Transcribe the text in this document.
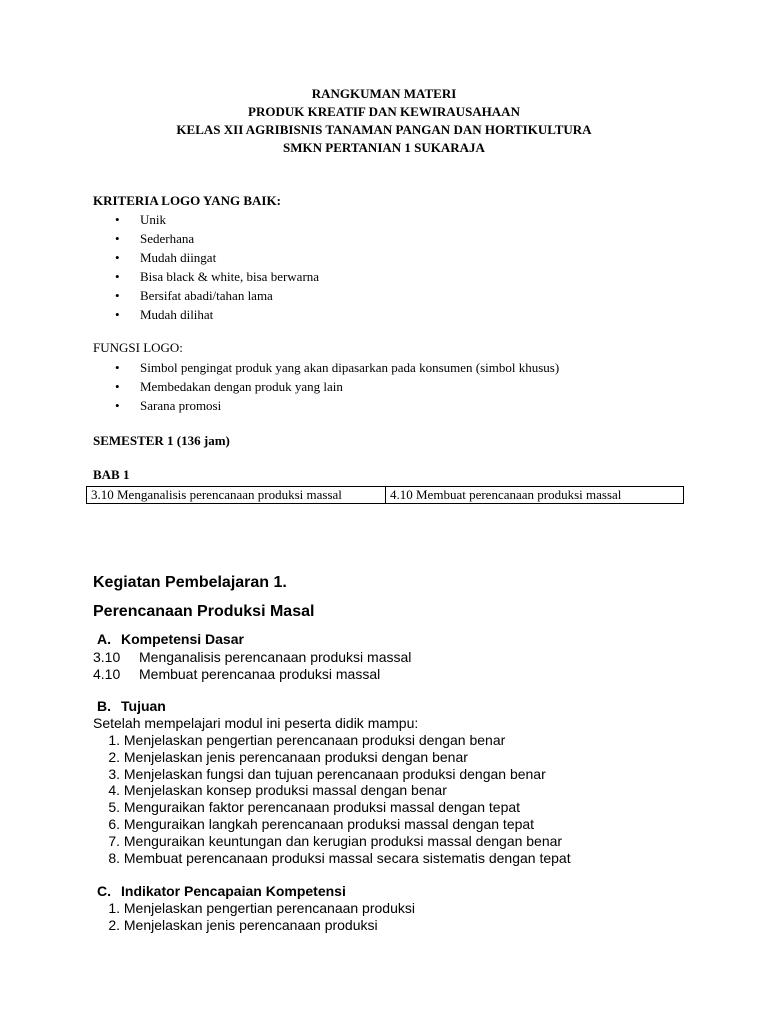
RANGKUMAN MATERI
PRODUK KREATIF DAN KEWIRAUSAHAAN
KELAS XII AGRIBISNIS TANAMAN PANGAN DAN HORTIKULTURA
SMKN PERTANIAN 1 SUKARAJA
KRITERIA LOGO YANG BAIK:
• Unik
• Sederhana
• Mudah diingat
• Bisa black & white, bisa berwarna
• Bersifat abadi/tahan lama
• Mudah dilihat
FUNGSI LOGO:
• Simbol pengingat produk yang akan dipasarkan pada konsumen (simbol khusus)
• Membedakan dengan produk yang lain
• Sarana promosi
SEMESTER 1 (136 jam)
BAB 1
3.10 Menganalisis perencanaan produksi massal	4.10 Membuat perencanaan produksi massal
Kegiatan Pembelajaran 1.
Perencanaan Produksi Masal
A. Kompetensi Dasar
3.10 Menganalisis perencanaan produksi massal
4.10 Membuat perencanaa produksi massal
B. Tujuan
Setelah mempelajari modul ini peserta didik mampu:
1. Menjelaskan pengertian perencanaan produksi dengan benar
2. Menjelaskan jenis perencanaan produksi dengan benar
3. Menjelaskan fungsi dan tujuan perencanaan produksi dengan benar
4. Menjelaskan konsep produksi massal dengan benar
5. Menguraikan faktor perencanaan produksi massal dengan tepat
6. Menguraikan langkah perencanaan produksi massal dengan tepat
7. Menguraikan keuntungan dan kerugian produksi massal dengan benar
8. Membuat perencanaan produksi massal secara sistematis dengan tepat
C. Indikator Pencapaian Kompetensi
1. Menjelaskan pengertian perencanaan produksi
2. Menjelaskan jenis perencanaan produksi
